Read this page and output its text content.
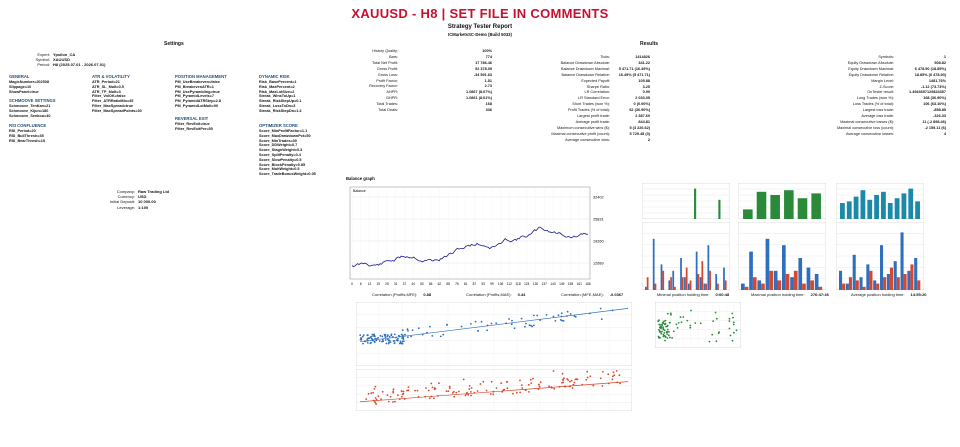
XAUUSD - H8 | SET FILE IN COMMENTS
Strategy Tester Report
ICMarketsSC-Demo (Build 5033)
Settings
Expert: Ypsilon_CA
Symbol: XAUUSD
Period: H8 (2025.07.01 - 2026.07.01)
GENERAL
MagicNumber=202508
Slippage=10
ShowPanel=true
SCHMOOVE SETTINGS
Schmoove_TenKan=21
Schmoove_Kijun=180
Schmoove_Senkou=40
RSI CONFLUENCE
RSI_Period=20
RSI_BullThresh=35
RSI_BearThresh=15
ATR & VOLATILITY
ATR_Period=21
ATR_SL_Mult=0.5
ATR_TP_Mult=3
Filter_VolOK=false
Filter_ATRRatioMin=45
Filter_MaxSpread=true
Filter_MaxSpreadPoints=30
POSITION MANAGEMENT
PM_UseBreakeven=false
PM_BreakevenATR=1
PM_UsePyramiding=true
PM_PyramidLevels=7
PM_PyramidATRStep=2.8
PM_PyramidLotMult=90
REVERSAL EXIT
Filter_RevExit=true
Filter_RevExitPer=50
DYNAMIC RISK
Risk_BasePercent=1
Risk_MaxPercent=2
Risk_MaxLotSize=2
Streak_WinsToUp=1
Streak_RiskStepUp=0.1
Streak_LossToDn=3
Streak_RiskStepDn=1.4
OPTIMIZER SCORE
Score_MinProfitFactor=1.1
Score_MaxDrawdownPct=50
Score_MinTrades=30
Score_DDWeight=0.7
Score_StagnWeight=0.3
Score_SplitPenalty=0.4
Score_SlowPenalty=0.5
Score_BlockPenalty=0.85
Score_MultWeight=0.5
Score_TradeBonusWeight=0.05
Company: Raw Trading Ltd
Currency: USD
Initial Deposit: 10 000.00
Leverage: 1:100
Results
History Quality:	100%
Bars:	774
Total Net Profit:	17 786.46
Gross Profit:	52 378.09
Gross Loss:	-34 591.63
Profit Factor:	1.51
Recovery Factor:	2.73
AHPR:	1.0867 (8.67%)
GHPR:	1.0861 (8.61%)
Total Trades:	168
Total Deals:	336
Ticks:	1414826
Balance Drawdown Absolute:	341.22
Balance Drawdown Maximal:	5 471.71 (16.49%)
Balance Drawdown Relative:	16.49% (5 471.71)
Expected Payoff:	105.88
Sharpe Ratio:	3.25
LR Correlation:	0.90
LR Standard Error:	2 033.05
Short Trades (won %):	0 (0.00%)
Profit Trades (% of total):	62 (36.90%)
Largest profit trade:	2 387.60
Average profit trade:	844.81
Maximum consecutive wins ($):	5 (3 226.62)
Maximal consecutive profit (count):	5 729.45 (3)
Average consecutive wins:	2
Symbols:	1
Equity Drawdown Absolute:	508.82
Equity Drawdown Maximal:	6 478.90 (18.85%)
Equity Drawdown Relative:	18.85% (6 478.90)
Margin Level:	1481.76%
Z-Score:	-1.12 (73.73%)
OnTester result:	1.4943657129824357
Long Trades (won %):	168 (36.90%)
Loss Trades (% of total):	106 (63.10%)
Largest loss trade:	-858.85
Average loss trade:	-326.33
Maximal consecutive losses ($):	11 (-2 898.46)
Maximal consecutive loss (count):	-2 159.11 (6)
Average consecutive losses:	4
Balance graph
32402
25831
19260
12689
0 6 13 19 25 31 37 44 50 56 62 68 75 81 87 93 99 106 112 118 124 130 137 143 149 155 161 168
Balance
Correlation (Profits,MFE): 0.88	Correlation (Profits,MAE): 0.44	Correlation (MFE,MAE): -0.0367	Minimal position holding time: 0:00:48	Maximal position holding time: 276:47:46	Average position holding time: 14:55:20
